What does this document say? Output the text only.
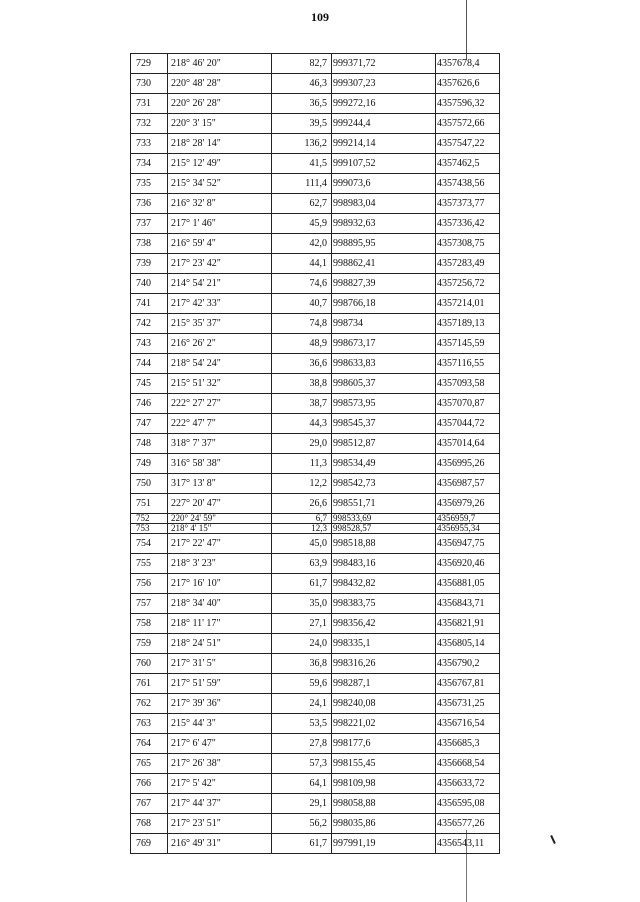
109
729	218° 46' 20"	82,7	999371,72	4357678,4
730	220° 48' 28"	46,3	999307,23	4357626,6
731	220° 26' 28"	36,5	999272,16	4357596,32
732	220° 3' 15"	39,5	999244,4	4357572,66
733	218° 28' 14"	136,2	999214,14	4357547,22
734	215° 12' 49"	41,5	999107,52	4357462,5
735	215° 34' 52"	111,4	999073,6	4357438,56
736	216° 32' 8"	62,7	998983,04	4357373,77
737	217° 1' 46"	45,9	998932,63	4357336,42
738	216° 59' 4"	42,0	998895,95	4357308,75
739	217° 23' 42"	44,1	998862,41	4357283,49
740	214° 54' 21"	74,6	998827,39	4357256,72
741	217° 42' 33"	40,7	998766,18	4357214,01
742	215° 35' 37"	74,8	998734	4357189,13
743	216° 26' 2"	48,9	998673,17	4357145,59
744	218° 54' 24"	36,6	998633,83	4357116,55
745	215° 51' 32"	38,8	998605,37	4357093,58
746	222° 27' 27"	38,7	998573,95	4357070,87
747	222° 47' 7"	44,3	998545,37	4357044,72
748	318° 7' 37"	29,0	998512,87	4357014,64
749	316° 58' 38"	11,3	998534,49	4356995,26
750	317° 13' 8"	12,2	998542,73	4356987,57
751	227° 20' 47"	26,6	998551,71	4356979,26
752	220° 24' 59"	6,7	998533,69	4356959,7
753	218° 4' 15"	12,3	998528,57	4356955,34
754	217° 22' 47"	45,0	998518,88	4356947,75
755	218° 3' 23"	63,9	998483,16	4356920,46
756	217° 16' 10"	61,7	998432,82	4356881,05
757	218° 34' 40"	35,0	998383,75	4356843,71
758	218° 11' 17"	27,1	998356,42	4356821,91
759	218° 24' 51"	24,0	998335,1	4356805,14
760	217° 31' 5"	36,8	998316,26	4356790,2
761	217° 51' 59"	59,6	998287,1	4356767,81
762	217° 39' 36"	24,1	998240,08	4356731,25
763	215° 44' 3"	53,5	998221,02	4356716,54
764	217° 6' 47"	27,8	998177,6	4356685,3
765	217° 26' 38"	57,3	998155,45	4356668,54
766	217° 5' 42"	64,1	998109,98	4356633,72
767	217° 44' 37"	29,1	998058,88	4356595,08
768	217° 23' 51"	56,2	998035,86	4356577,26
769	216° 49' 31"	61,7	997991,19	4356543,11
